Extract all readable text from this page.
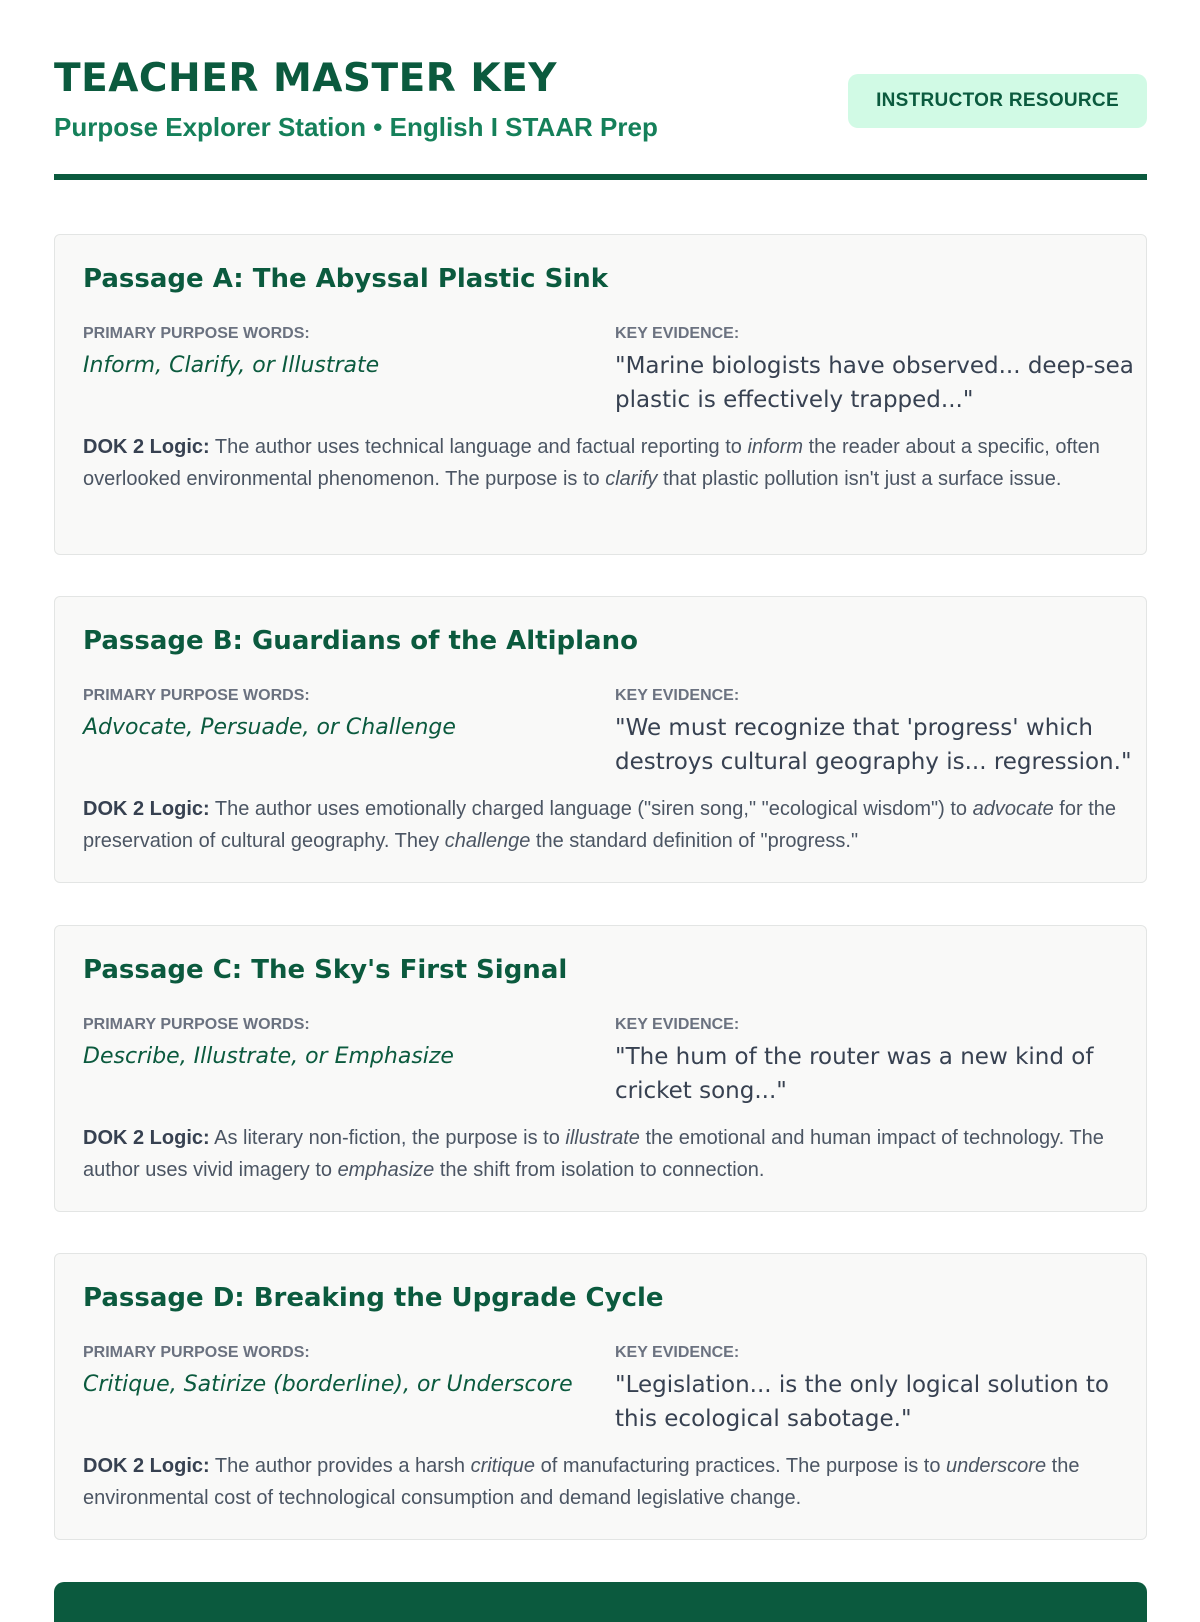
TEACHER MASTER KEY

Purpose Explorer Station • English I STAAR Prep

INSTRUCTOR RESOURCE
Passage A: The Abyssal Plastic Sink
PRIMARY PURPOSE WORDS:	KEY EVIDENCE:
Inform, Clarify, or Illustrate	"Marine biologists have observed... deep-sea plastic is effectively trapped..."
DOK 2 Logic: The author uses technical language and factual reporting to inform the reader about a specific, often overlooked environmental phenomenon. The purpose is to clarify that plastic pollution isn't just a surface issue.
Passage B: Guardians of the Altiplano
PRIMARY PURPOSE WORDS:	KEY EVIDENCE:
Advocate, Persuade, or Challenge	"We must recognize that 'progress' which destroys cultural geography is... regression."
DOK 2 Logic: The author uses emotionally charged language ("siren song," "ecological wisdom") to advocate for the preservation of cultural geography. They challenge the standard definition of "progress."
Passage C: The Sky's First Signal
PRIMARY PURPOSE WORDS:	KEY EVIDENCE:
Describe, Illustrate, or Emphasize	"The hum of the router was a new kind of cricket song..."
DOK 2 Logic: As literary non-fiction, the purpose is to illustrate the emotional and human impact of technology. The author uses vivid imagery to emphasize the shift from isolation to connection.
Passage D: Breaking the Upgrade Cycle
PRIMARY PURPOSE WORDS:	KEY EVIDENCE:
Critique, Satirize (borderline), or Underscore "Legislation... is the only logical solution to this ecological sabotage."
DOK 2 Logic: The author provides a harsh critique of manufacturing practices. The purpose is to underscore the environmental cost of technological consumption and demand legislative change.
